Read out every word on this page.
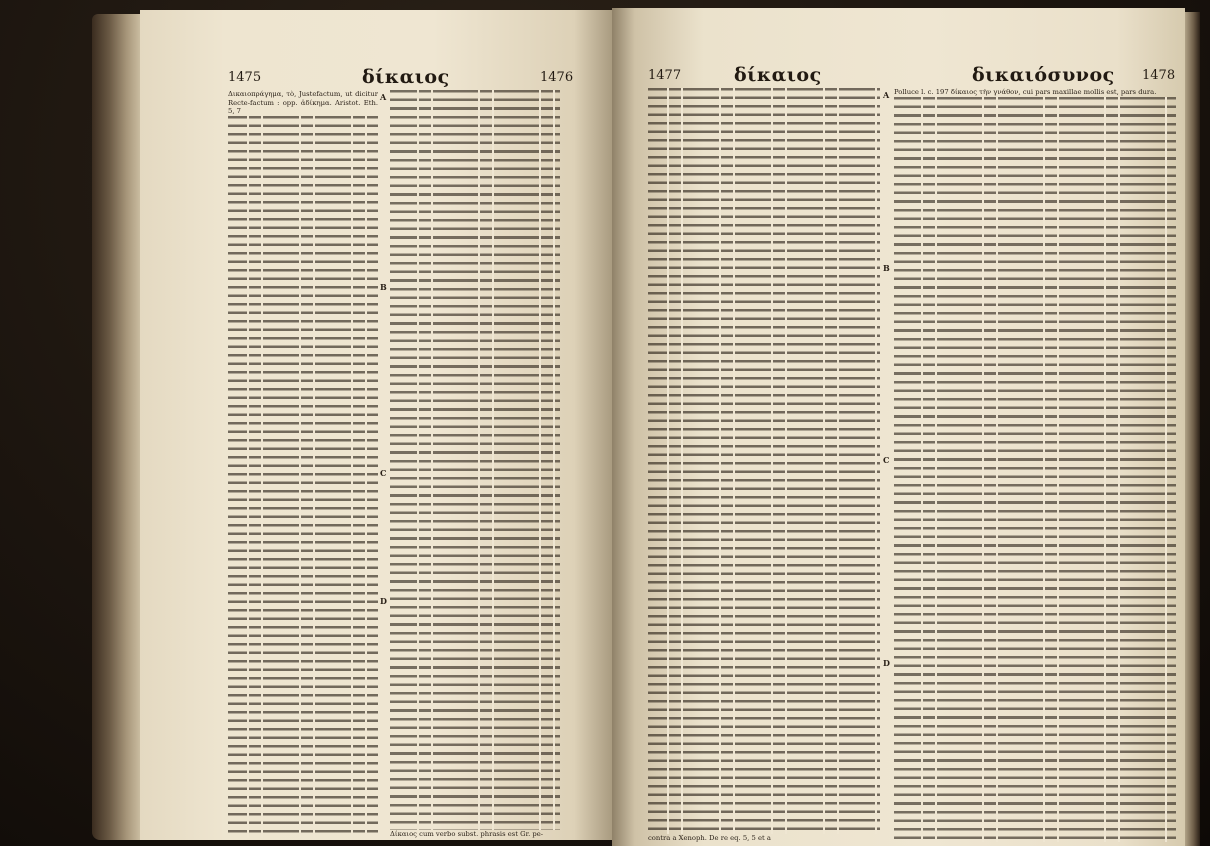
1475	δίκαιος	1476

Δικαιοπράγημα, τὸ, Justefactum, ut dicitur Recte-factum : opp. ἀδίκημα. Aristot. Eth. 5, 7

A
B
C
D

Δίκαιος cum verbo subst. phrasis est Gr. pe-

1477	δίκαιος	δικαιόσυνος 1478

contra a Xenoph. De re eq. 5, 5 et a

A
B
C
D

Polluce l. c. 197 δίκαιος τὴν γνάθον, cui pars maxillae mollis est, pars dura.
